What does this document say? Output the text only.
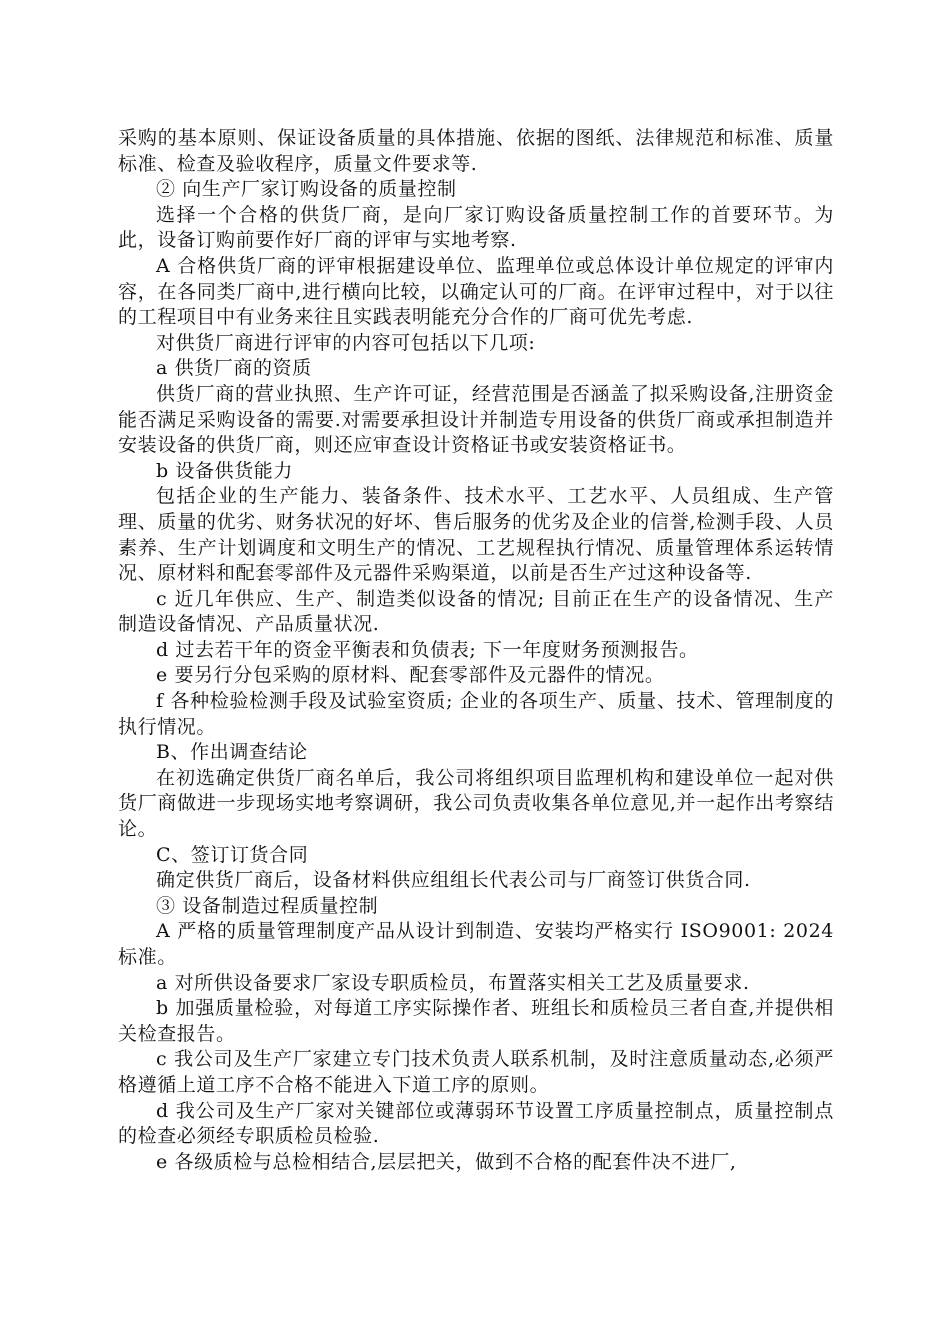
采购的基本原则、保证设备质量的具体措施、依据的图纸、法律规范和标准、质量标准、检查及验收程序，质量文件要求等.

② 向生产厂家订购设备的质量控制

选择一个合格的供货厂商，是向厂家订购设备质量控制工作的首要环节。为此，设备订购前要作好厂商的评审与实地考察.

A 合格供货厂商的评审根据建设单位、监理单位或总体设计单位规定的评审内容，在各同类厂商中,进行横向比较，以确定认可的厂商。在评审过程中，对于以往的工程项目中有业务来往且实践表明能充分合作的厂商可优先考虑.

对供货厂商进行评审的内容可包括以下几项:

a 供货厂商的资质

供货厂商的营业执照、生产许可证，经营范围是否涵盖了拟采购设备,注册资金能否满足采购设备的需要.对需要承担设计并制造专用设备的供货厂商或承担制造并安装设备的供货厂商，则还应审查设计资格证书或安装资格证书。

b 设备供货能力

包括企业的生产能力、装备条件、技术水平、工艺水平、人员组成、生产管理、质量的优劣、财务状况的好坏、售后服务的优劣及企业的信誉,检测手段、人员素养、生产计划调度和文明生产的情况、工艺规程执行情况、质量管理体系运转情况、原材料和配套零部件及元器件采购渠道，以前是否生产过这种设备等.

c 近几年供应、生产、制造类似设备的情况; 目前正在生产的设备情况、生产制造设备情况、产品质量状况.

d 过去若干年的资金平衡表和负债表; 下一年度财务预测报告。

e 要另行分包采购的原材料、配套零部件及元器件的情况。

f 各种检验检测手段及试验室资质; 企业的各项生产、质量、技术、管理制度的执行情况。

B、作出调查结论

在初选确定供货厂商名单后，我公司将组织项目监理机构和建设单位一起对供货厂商做进一步现场实地考察调研，我公司负责收集各单位意见,并一起作出考察结论。

C、签订订货合同

确定供货厂商后，设备材料供应组组长代表公司与厂商签订供货合同.

③ 设备制造过程质量控制

A 严格的质量管理制度产品从设计到制造、安装均严格实行 ISO9001: 2024 标准。

a 对所供设备要求厂家设专职质检员，布置落实相关工艺及质量要求.

b 加强质量检验，对每道工序实际操作者、班组长和质检员三者自查,并提供相关检查报告。

c 我公司及生产厂家建立专门技术负责人联系机制，及时注意质量动态,必须严格遵循上道工序不合格不能进入下道工序的原则。

d 我公司及生产厂家对关键部位或薄弱环节设置工序质量控制点，质量控制点的检查必须经专职质检员检验.

e 各级质检与总检相结合,层层把关，做到不合格的配套件决不进厂,
